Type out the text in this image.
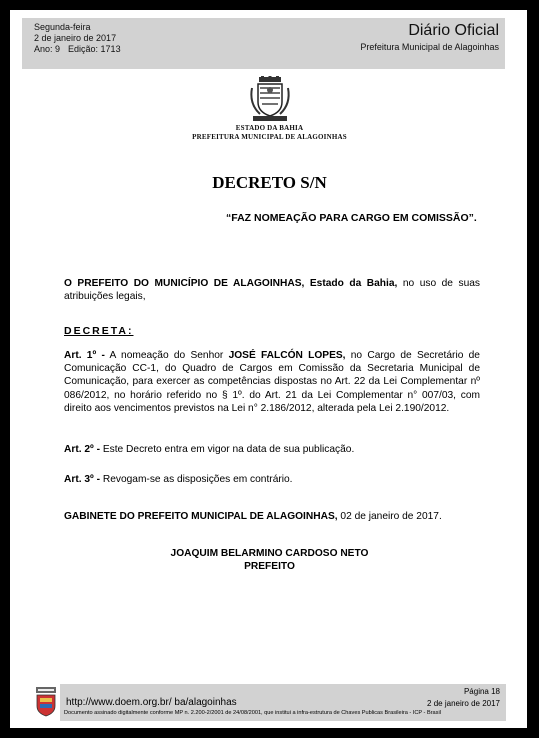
Segunda-feira
2 de janeiro de 2017
Ano: 9 Edição: 1713
Diário Oficial
Prefeitura Municipal de Alagoinhas
ESTADO DA BAHIA
PREFEITURA MUNICIPAL DE ALAGOINHAS
DECRETO S/N
“FAZ NOMEAÇÃO PARA CARGO EM COMISSÃO”.
O PREFEITO DO MUNICÍPIO DE ALAGOINHAS, Estado da Bahia, no uso de suas atribuições legais,
DECRETA:
Art. 1º - A nomeação do Senhor JOSÉ FALCÓN LOPES, no Cargo de Secretário de Comunicação CC-1, do Quadro de Cargos em Comissão da Secretaria Municipal de Comunicação, para exercer as competências dispostas no Art. 22 da Lei Complementar nº 086/2012, no horário referido no § 1º. do Art. 21 da Lei Complementar n° 007/03, com direito aos vencimentos previstos na Lei n° 2.186/2012, alterada pela Lei 2.190/2012.
Art. 2º - Este Decreto entra em vigor na data de sua publicação.
Art. 3º - Revogam-se as disposições em contrário.
GABINETE DO PREFEITO MUNICIPAL DE ALAGOINHAS, 02 de janeiro de 2017.
JOAQUIM BELARMINO CARDOSO NETO
PREFEITO
http://www.doem.org.br/ ba/alagoinhas
Página 18
2 de janeiro de 2017
Documento assinado digitalmente conforme MP n. 2.200-2/2001 de 24/08/2001, que institui a infra-estrutura de Chaves Publicas Brasileira - ICP - Brasil
